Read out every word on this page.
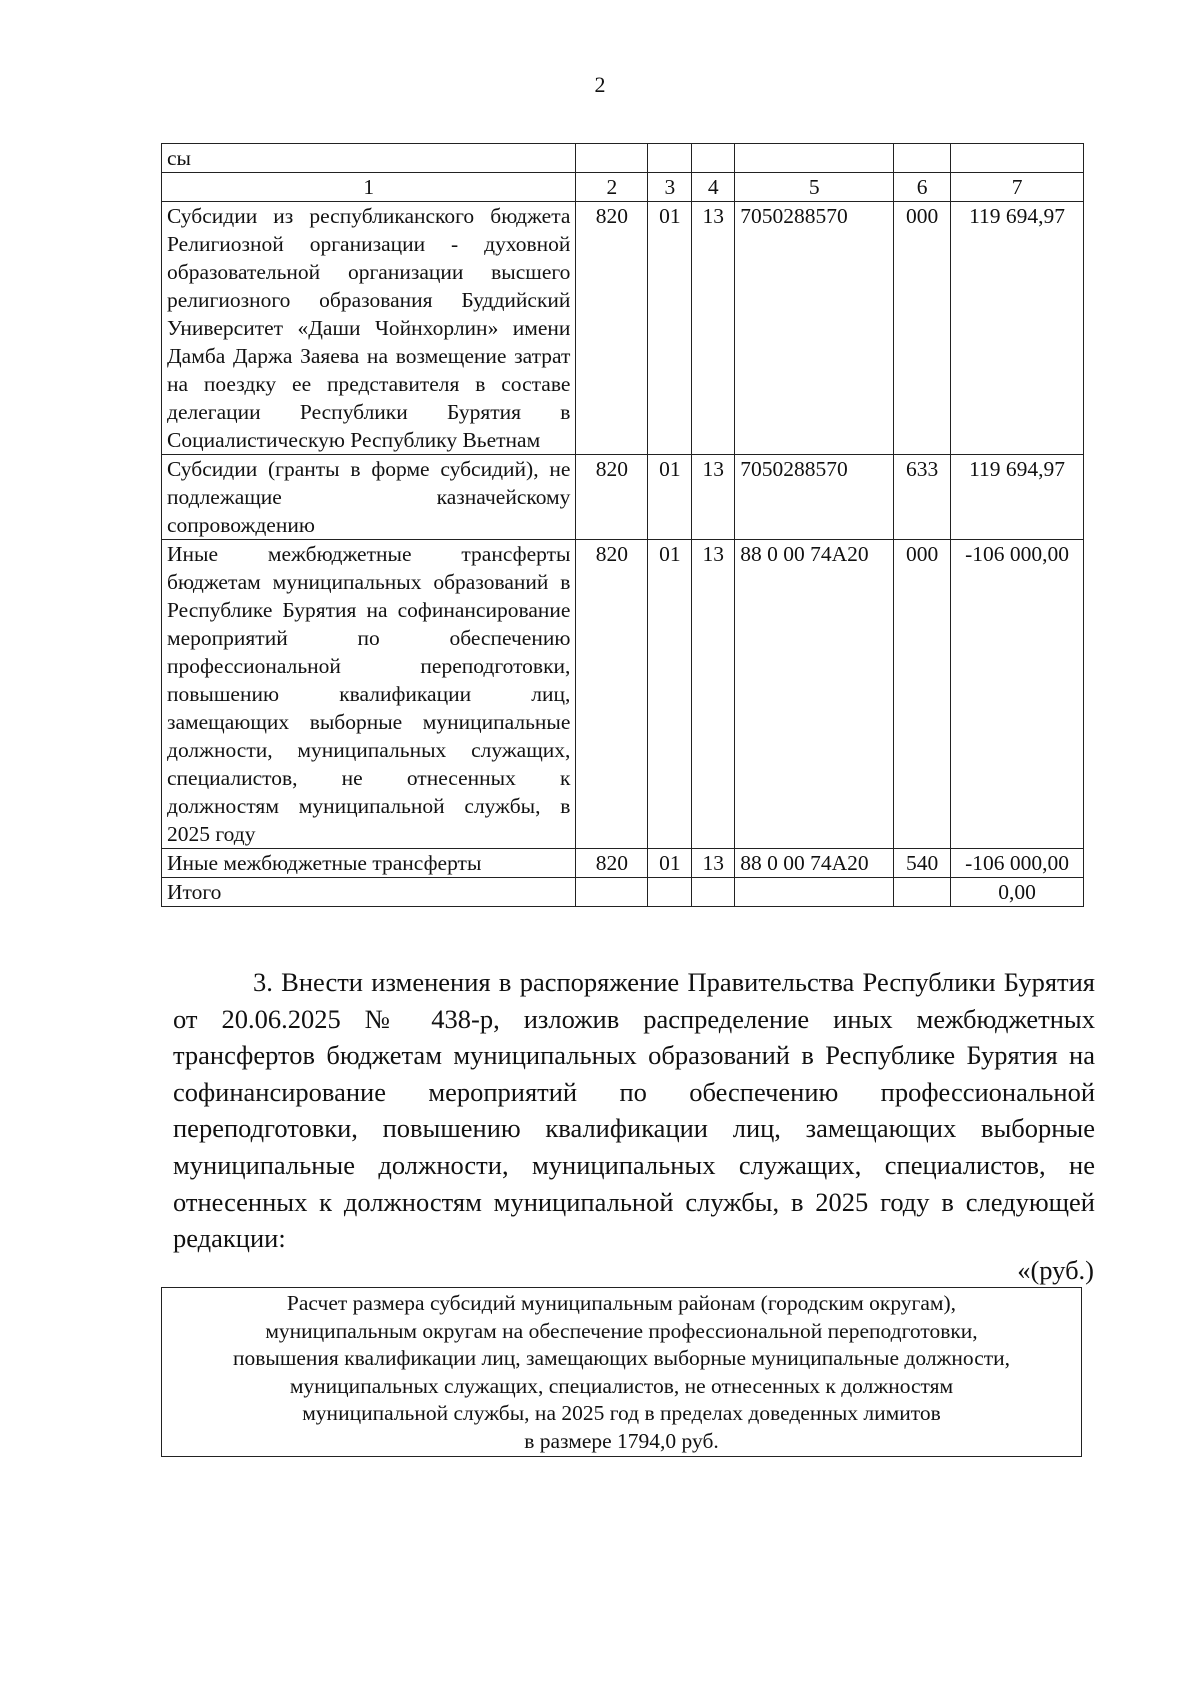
2
сы						
1	2	3	4	5	6	7
Субсидии из республиканского бюджета Религиозной организации - духовной образовательной организации высшего религиозного образования Буддийский Университет «Даши Чойнхорлин» имени Дамба Даржа Заяева на возмещение затрат на поездку ее представителя в составе делегации Республики Бурятия в Социалистическую Республику Вьетнам	820	01	13	7050288570	000	119 694,97
Субсидии (гранты в форме субсидий), не подлежащие казначейскому сопровождению	820	01	13	7050288570	633	119 694,97
Иные межбюджетные трансферты бюджетам муниципальных образований в Республике Бурятия на софинансирование мероприятий по обеспечению профессиональной переподготовки, повышению квалификации лиц, замещающих выборные муниципальные должности, муниципальных служащих, специалистов, не отнесенных к должностям муниципальной службы, в 2025 году	820	01	13	88 0 00 74А20	000	-106 000,00
Иные межбюджетные трансферты	820	01	13	88 0 00 74А20	540	-106 000,00
Итого						0,00
3. Внести изменения в распоряжение Правительства Республики Бурятия от 20.06.2025 № 438-р, изложив распределение иных межбюджетных трансфертов бюджетам муниципальных образований в Республике Бурятия на софинансирование мероприятий по обеспечению профессиональной переподготовки, повышению квалификации лиц, замещающих выборные муниципальные должности, муниципальных служащих, специалистов, не отнесенных к должностям муниципальной службы, в 2025 году в следующей редакции:
«(руб.)
Расчет размера субсидий муниципальным районам (городским округам),
муниципальным округам на обеспечение профессиональной переподготовки,
повышения квалификации лиц, замещающих выборные муниципальные должности,
муниципальных служащих, специалистов, не отнесенных к должностям
муниципальной службы, на 2025 год в пределах доведенных лимитов
в размере 1794,0 руб.
